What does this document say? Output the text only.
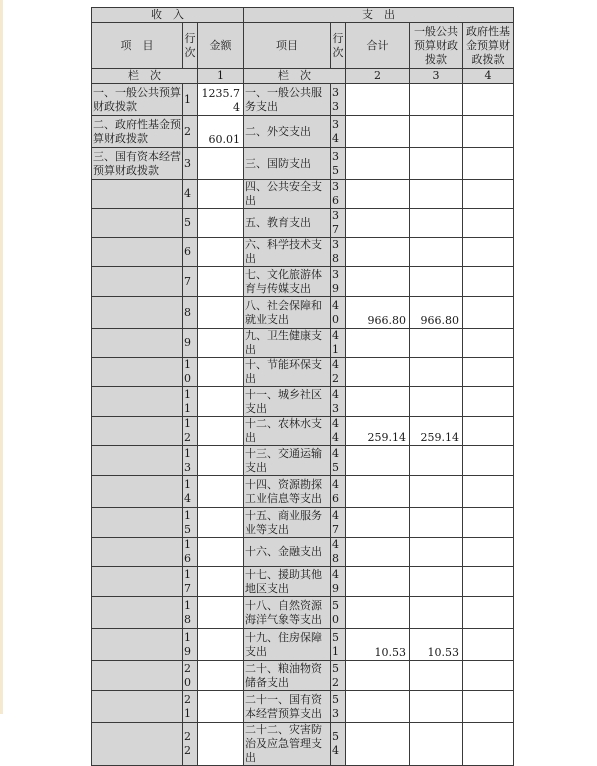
收　入			支　出				
项　目	行次	金额	项目	行次	合计	一般公共预算财政拨款	政府性基金预算财政拨款
栏　次		1	栏　次		2	3	4
一、一般公共预算财政拨款	1	1235.74	一、一般公共服务支出	33			
二、政府性基金预算财政拨款	2	60.01	二、外交支出	34			
三、国有资本经营预算财政拨款	3		三、国防支出	35			
	4		四、公共安全支出	36			
	5		五、教育支出	37			
	6		六、科学技术支出	38			
	7		七、文化旅游体育与传媒支出	39			
	8		八、社会保障和就业支出	40	966.80	966.80	
	9		九、卫生健康支出	41			
	10		十、节能环保支出	42			
	11		十一、城乡社区支出	43			
	12		十二、农林水支出	44	259.14	259.14	
	13		十三、交通运输支出	45			
	14		十四、资源勘探工业信息等支出	46			
	15		十五、商业服务业等支出	47			
	16		十六、金融支出	48			
	17		十七、援助其他地区支出	49			
	18		十八、自然资源海洋气象等支出	50			
	19		十九、住房保障支出	51	10.53	10.53	
	20		二十、粮油物资储备支出	52			
	21		二十一、国有资本经营预算支出	53			
	22		二十二、灾害防治及应急管理支出	54			
